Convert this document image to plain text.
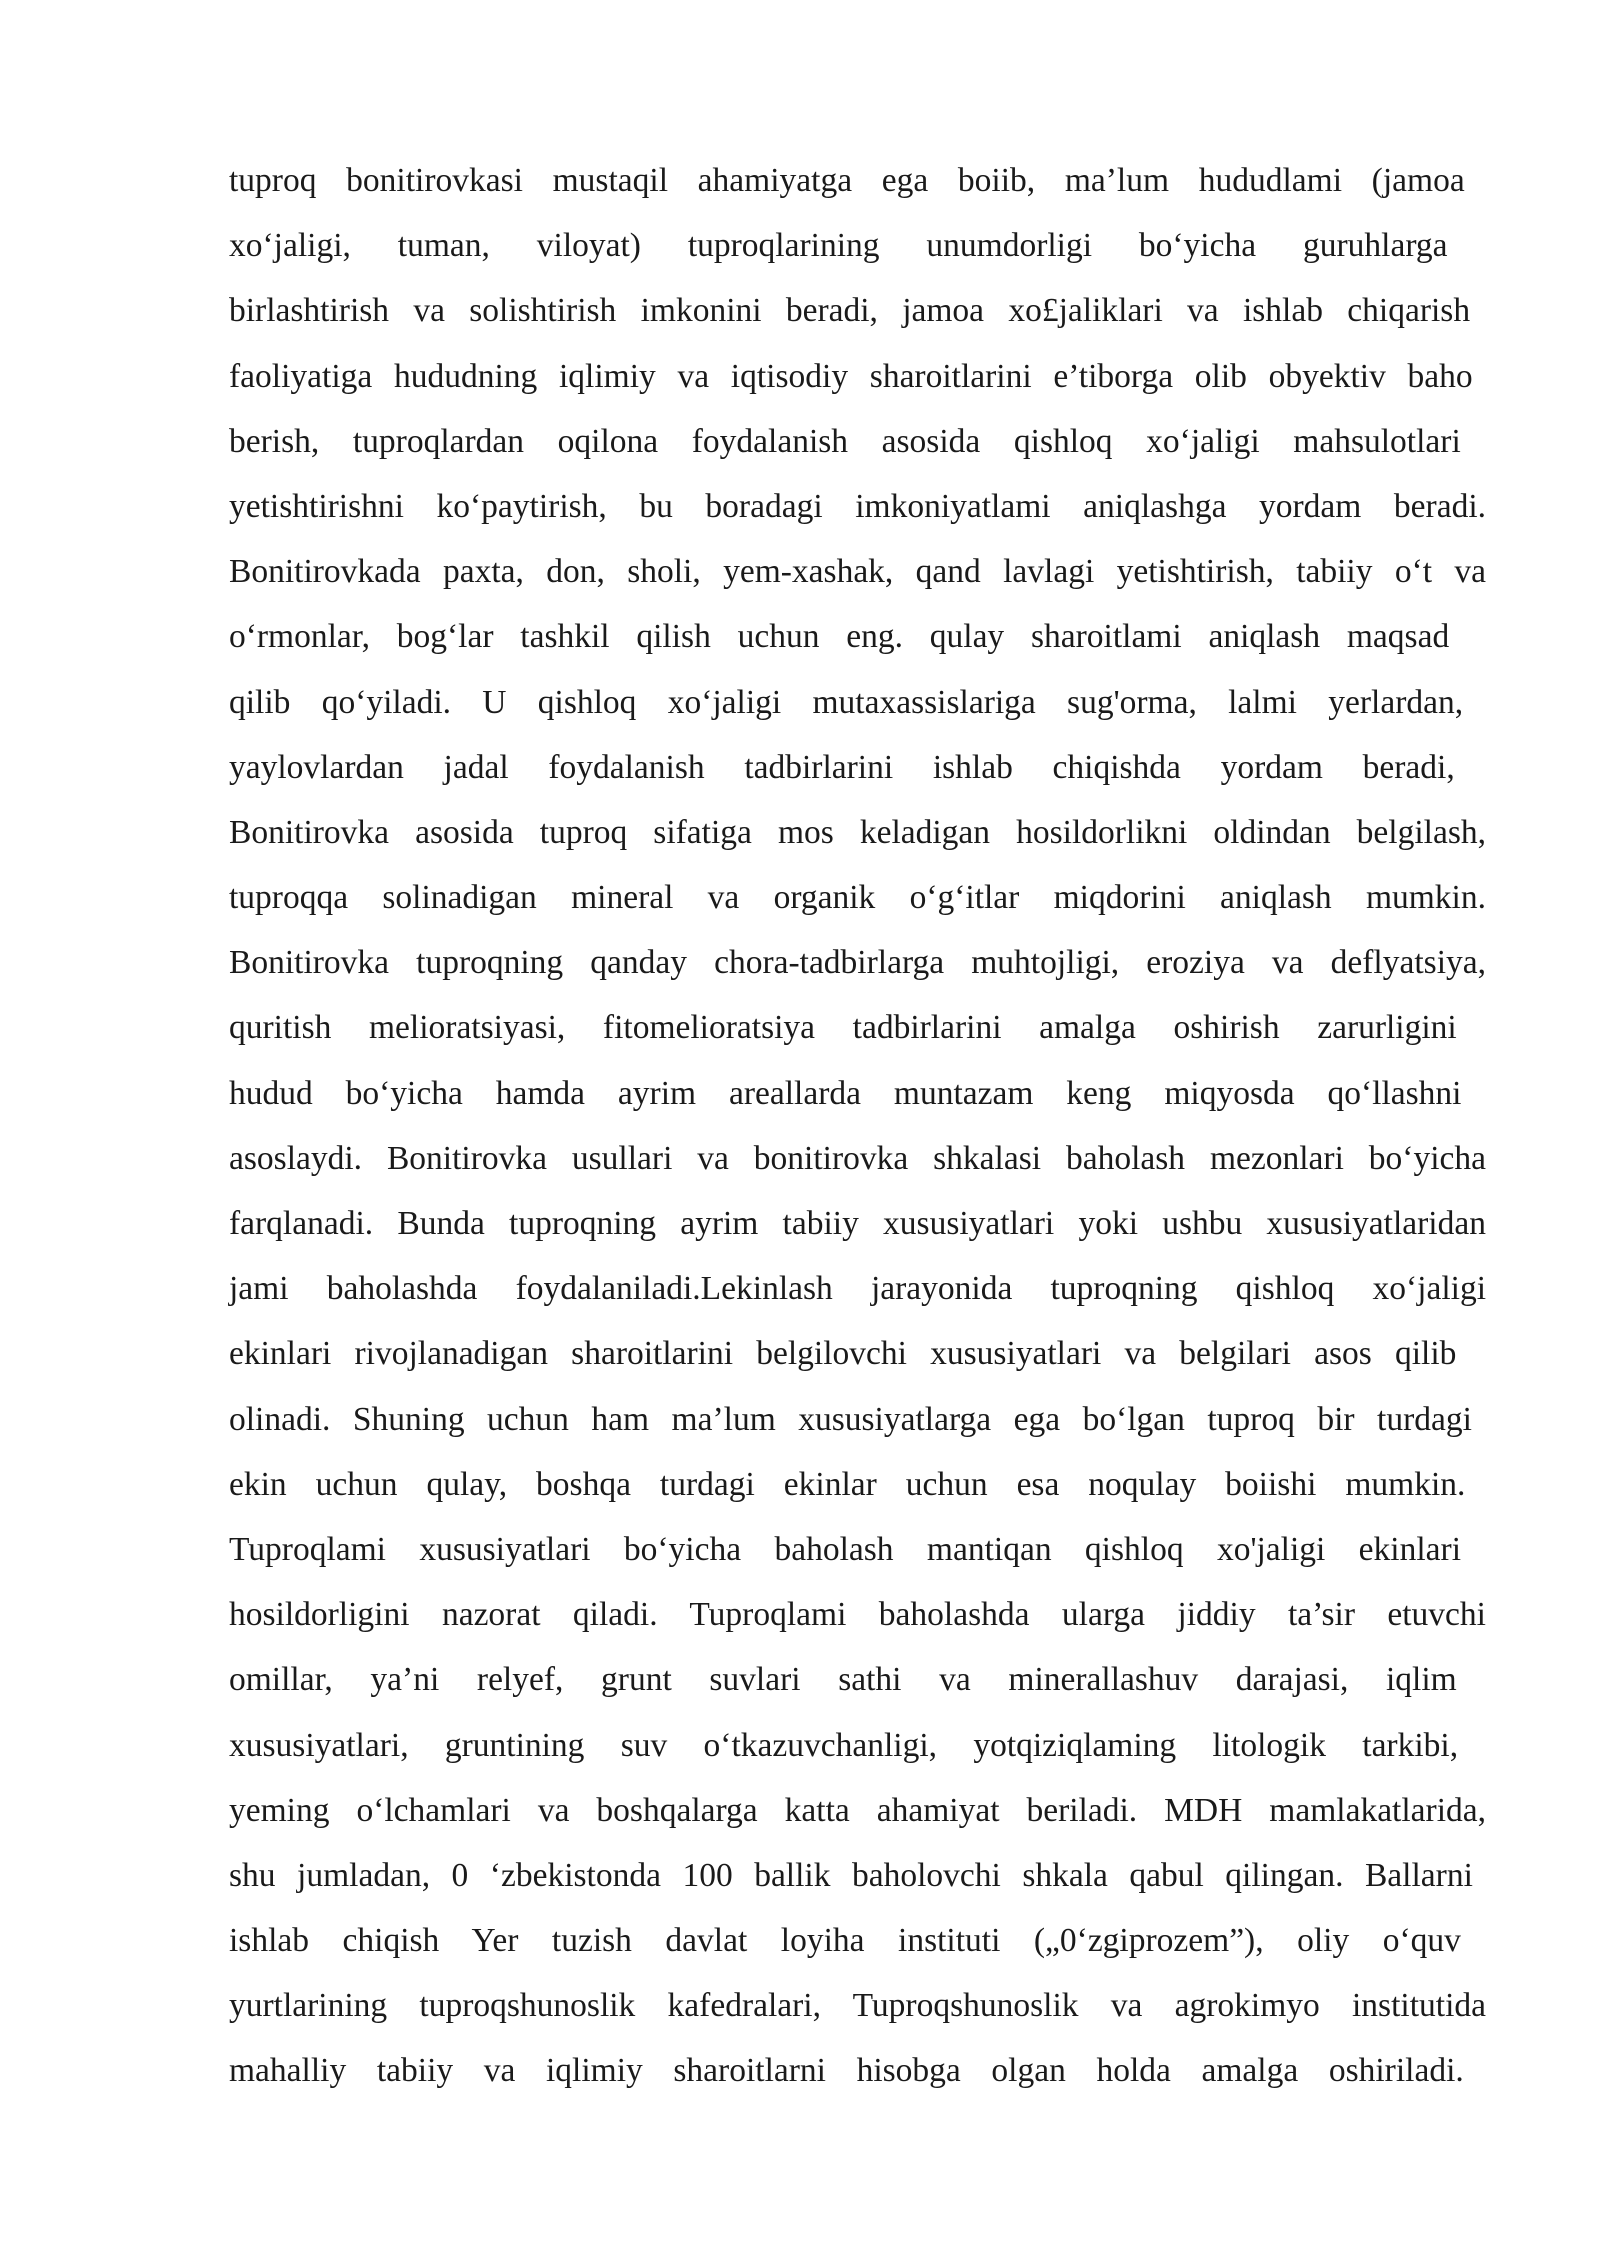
tuproq bonitirovkasi mustaqil ahamiyatga ega boiib, ma’lum hududlami (jamoa
xo‘jaligi, tuman, viloyat) tuproqlarining unumdorligi bo‘yicha guruhlarga
birlashtirish va solishtirish imkonini beradi, jamoa xo£jaliklari va ishlab chiqarish
faoliyatiga hududning iqlimiy va iqtisodiy sharoitlarini e’tiborga olib obyektiv baho
berish, tuproqlardan oqilona foydalanish asosida qishloq xo‘jaligi mahsulotlari
yetishtirishni ko‘paytirish, bu boradagi imkoniyatlami aniqlashga yordam beradi.
Bonitirovkada paxta, don, sholi, yem-xashak, qand lavlagi yetishtirish, tabiiy o‘t va
o‘rmonlar, bog‘lar tashkil qilish uchun eng. qulay sharoitlami aniqlash maqsad
qilib qo‘yiladi. U qishloq xo‘jaligi mutaxassislariga sug'orma, lalmi yerlardan,
yaylovlardan jadal foydalanish tadbirlarini ishlab chiqishda yordam beradi,
Bonitirovka asosida tuproq sifatiga mos keladigan hosildorlikni oldindan belgilash,
tuproqqa solinadigan mineral va organik o‘g‘itlar miqdorini aniqlash mumkin.
Bonitirovka tuproqning qanday chora-tadbirlarga muhtojligi, eroziya va deflyatsiya,
quritish melioratsiyasi, fitomelioratsiya tadbirlarini amalga oshirish zarurligini
hudud bo‘yicha hamda ayrim areallarda muntazam keng miqyosda qo‘llashni
asoslaydi. Bonitirovka usullari va bonitirovka shkalasi baholash mezonlari bo‘yicha
farqlanadi. Bunda tuproqning ayrim tabiiy xususiyatlari yoki ushbu xususiyatlaridan
jami baholashda foydalaniladi.Lekinlash jarayonida tuproqning qishloq xo‘jaligi
ekinlari rivojlanadigan sharoitlarini belgilovchi xususiyatlari va belgilari asos qilib
olinadi. Shuning uchun ham ma’lum xususiyatlarga ega bo‘lgan tuproq bir turdagi
ekin uchun qulay, boshqa turdagi ekinlar uchun esa noqulay boiishi mumkin.
Tuproqlami xususiyatlari bo‘yicha baholash mantiqan qishloq xo'jaligi ekinlari
hosildorligini nazorat qiladi. Tuproqlami baholashda ularga jiddiy ta’sir etuvchi
omillar, ya’ni relyef, grunt suvlari sathi va minerallashuv darajasi, iqlim
xususiyatlari, gruntining suv o‘tkazuvchanligi, yotqiziqlaming litologik tarkibi,
yeming o‘lchamlari va boshqalarga katta ahamiyat beriladi. MDH mamlakatlarida,
shu jumladan, 0 ‘zbekistonda 100 ballik baholovchi shkala qabul qilingan. Ballarni
ishlab chiqish Yer tuzish davlat loyiha instituti („0‘zgiprozem”), oliy o‘quv
yurtlarining tuproqshunoslik kafedralari, Tuproqshunoslik va agrokimyo institutida
mahalliy tabiiy va iqlimiy sharoitlarni hisobga olgan holda amalga oshiriladi.
